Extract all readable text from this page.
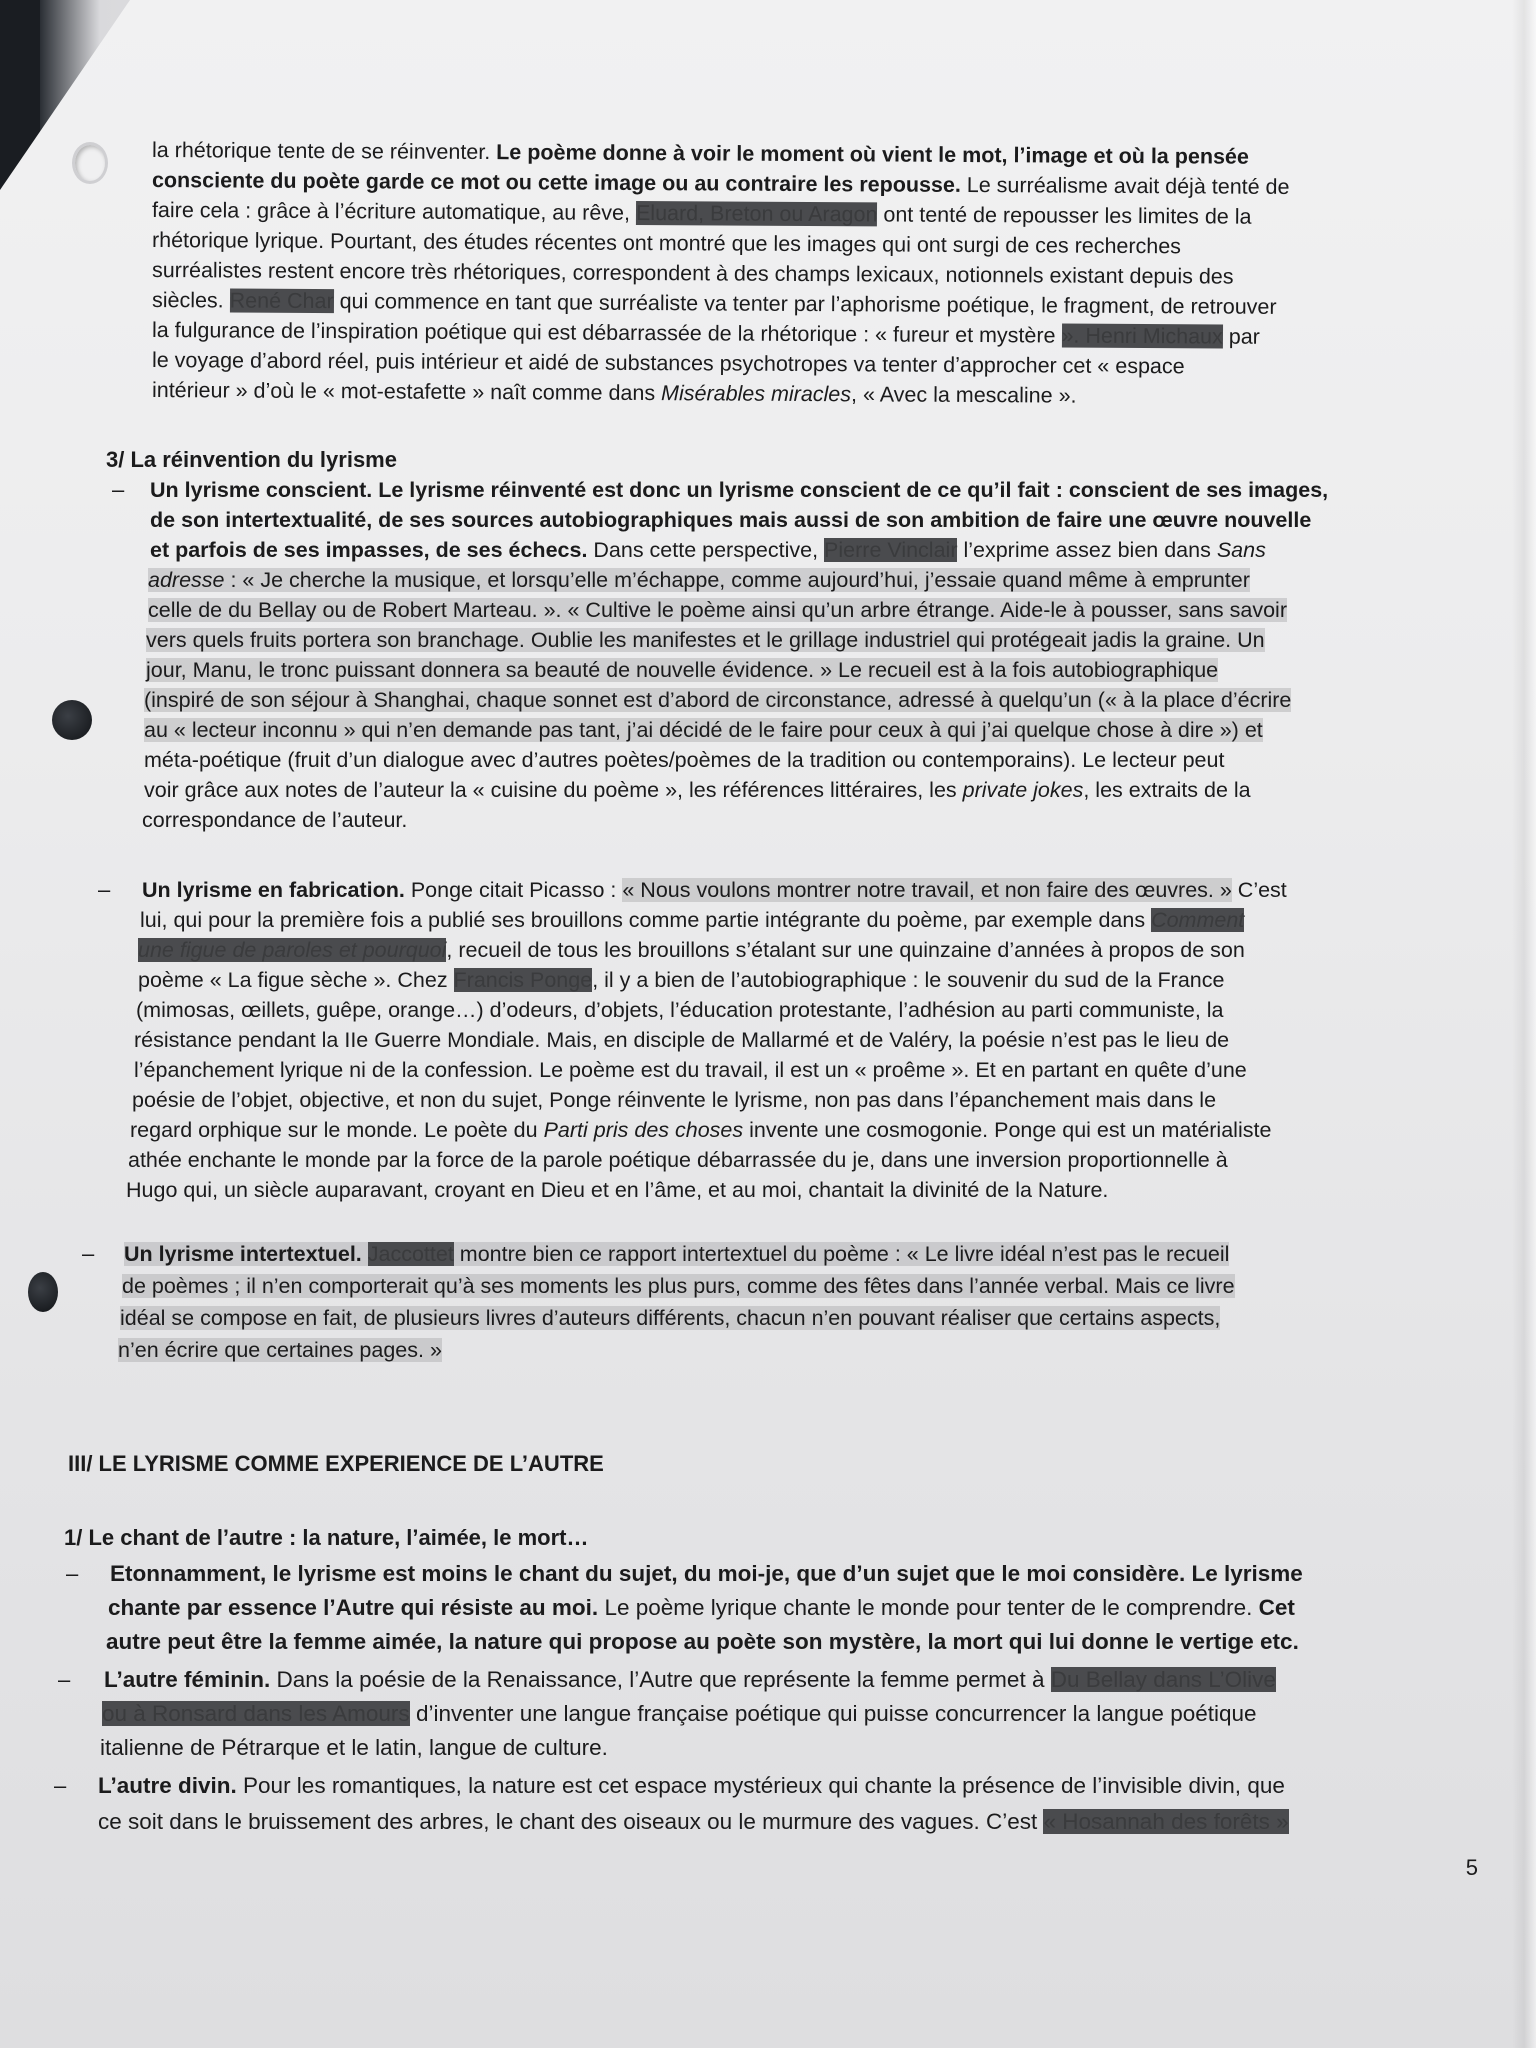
la rhétorique tente de se réinventer. Le poème donne à voir le moment où vient le mot, l’image et où la pensée
consciente du poète garde ce mot ou cette image ou au contraire les repousse. Le surréalisme avait déjà tenté de
faire cela : grâce à l’écriture automatique, au rêve, Eluard, Breton ou Aragon ont tenté de repousser les limites de la
rhétorique lyrique. Pourtant, des études récentes ont montré que les images qui ont surgi de ces recherches
surréalistes restent encore très rhétoriques, correspondent à des champs lexicaux, notionnels existant depuis des
siècles. René Char qui commence en tant que surréaliste va tenter par l’aphorisme poétique, le fragment, de retrouver
la fulgurance de l’inspiration poétique qui est débarrassée de la rhétorique : « fureur et mystère ». Henri Michaux par
le voyage d’abord réel, puis intérieur et aidé de substances psychotropes va tenter d’approcher cet « espace
intérieur » d’où le « mot-estafette » naît comme dans Misérables miracles, « Avec la mescaline ».
3/ La réinvention du lyrisme
– Un lyrisme conscient. Le lyrisme réinventé est donc un lyrisme conscient de ce qu’il fait : conscient de ses images,
de son intertextualité, de ses sources autobiographiques mais aussi de son ambition de faire une œuvre nouvelle
et parfois de ses impasses, de ses échecs. Dans cette perspective, Pierre Vinclair l’exprime assez bien dans Sans
adresse : « Je cherche la musique, et lorsqu’elle m’échappe, comme aujourd’hui, j’essaie quand même à emprunter
celle de du Bellay ou de Robert Marteau. ». « Cultive le poème ainsi qu’un arbre étrange. Aide-le à pousser, sans savoir
vers quels fruits portera son branchage. Oublie les manifestes et le grillage industriel qui protégeait jadis la graine. Un
jour, Manu, le tronc puissant donnera sa beauté de nouvelle évidence. » Le recueil est à la fois autobiographique
(inspiré de son séjour à Shanghai, chaque sonnet est d’abord de circonstance, adressé à quelqu’un (« à la place d’écrire
au « lecteur inconnu » qui n’en demande pas tant, j’ai décidé de le faire pour ceux à qui j’ai quelque chose à dire ») et
méta-poétique (fruit d’un dialogue avec d’autres poètes/poèmes de la tradition ou contemporains). Le lecteur peut
voir grâce aux notes de l’auteur la « cuisine du poème », les références littéraires, les private jokes, les extraits de la
correspondance de l’auteur.
– Un lyrisme en fabrication. Ponge citait Picasso : « Nous voulons montrer notre travail, et non faire des œuvres. » C’est
lui, qui pour la première fois a publié ses brouillons comme partie intégrante du poème, par exemple dans Comment
une figue de paroles et pourquoi, recueil de tous les brouillons s’étalant sur une quinzaine d’années à propos de son
poème « La figue sèche ». Chez Francis Ponge, il y a bien de l’autobiographique : le souvenir du sud de la France
(mimosas, œillets, guêpe, orange…) d’odeurs, d’objets, l’éducation protestante, l’adhésion au parti communiste, la
résistance pendant la IIe Guerre Mondiale. Mais, en disciple de Mallarmé et de Valéry, la poésie n’est pas le lieu de
l’épanchement lyrique ni de la confession. Le poème est du travail, il est un « proême ». Et en partant en quête d’une
poésie de l’objet, objective, et non du sujet, Ponge réinvente le lyrisme, non pas dans l’épanchement mais dans le
regard orphique sur le monde. Le poète du Parti pris des choses invente une cosmogonie. Ponge qui est un matérialiste
athée enchante le monde par la force de la parole poétique débarrassée du je, dans une inversion proportionnelle à
Hugo qui, un siècle auparavant, croyant en Dieu et en l’âme, et au moi, chantait la divinité de la Nature.
– Un lyrisme intertextuel. Jaccottet montre bien ce rapport intertextuel du poème : « Le livre idéal n’est pas le recueil
de poèmes ; il n’en comporterait qu’à ses moments les plus purs, comme des fêtes dans l’année verbal. Mais ce livre
idéal se compose en fait, de plusieurs livres d’auteurs différents, chacun n’en pouvant réaliser que certains aspects,
n’en écrire que certaines pages. »
III/ LE LYRISME COMME EXPERIENCE DE L’AUTRE
1/ Le chant de l’autre : la nature, l’aimée, le mort…
– Etonnamment, le lyrisme est moins le chant du sujet, du moi-je, que d’un sujet que le moi considère. Le lyrisme
chante par essence l’Autre qui résiste au moi. Le poème lyrique chante le monde pour tenter de le comprendre. Cet
autre peut être la femme aimée, la nature qui propose au poète son mystère, la mort qui lui donne le vertige etc.
– L’autre féminin. Dans la poésie de la Renaissance, l’Autre que représente la femme permet à Du Bellay dans L’Olive
ou à Ronsard dans les Amours d’inventer une langue française poétique qui puisse concurrencer la langue poétique
italienne de Pétrarque et le latin, langue de culture.
– L’autre divin. Pour les romantiques, la nature est cet espace mystérieux qui chante la présence de l’invisible divin, que
ce soit dans le bruissement des arbres, le chant des oiseaux ou le murmure des vagues. C’est « Hosannah des forêts »
5
